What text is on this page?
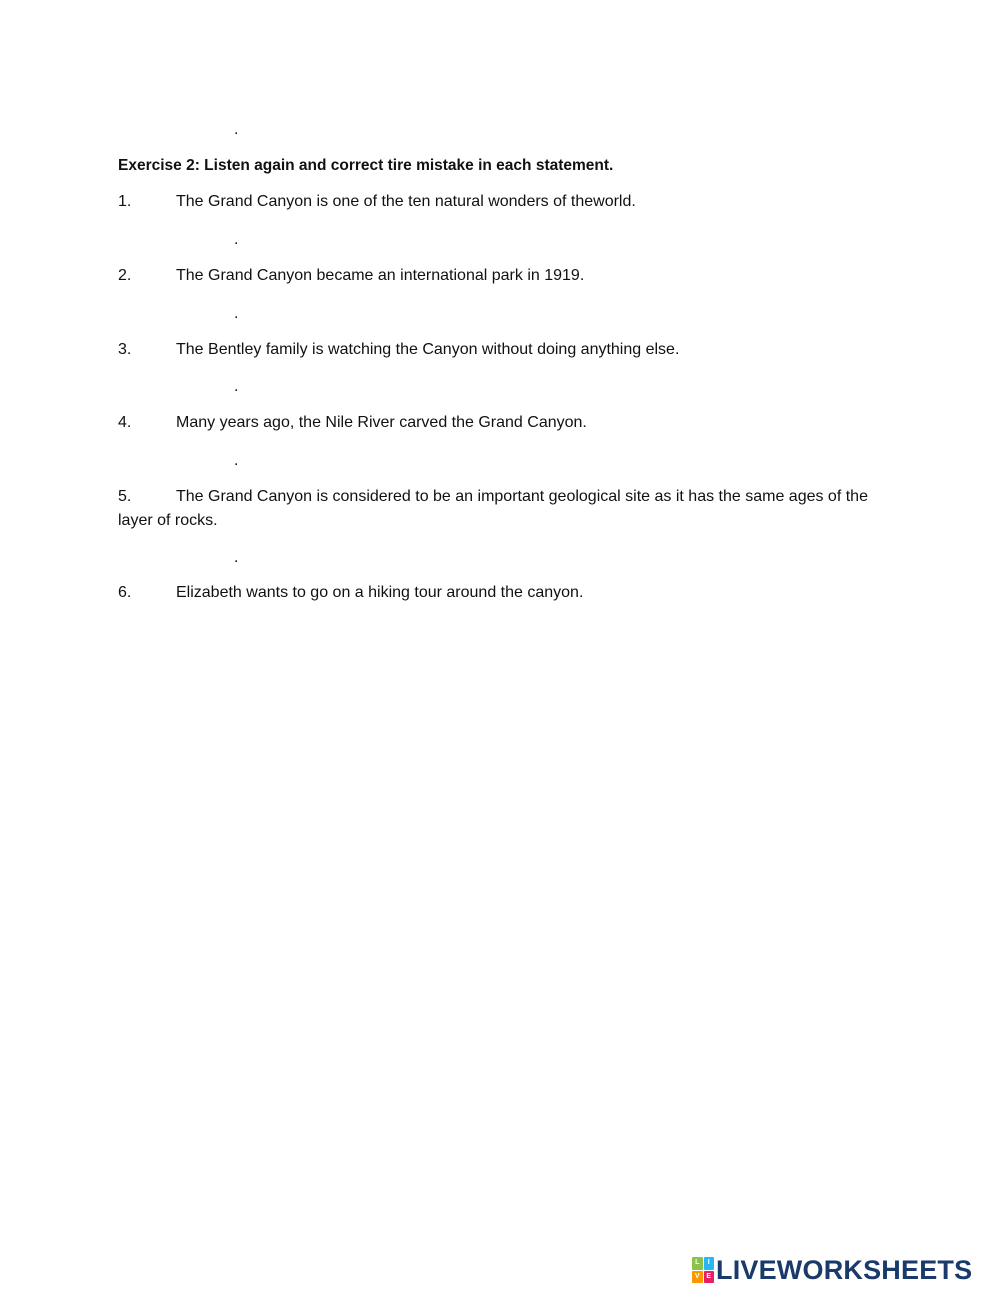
.
Exercise 2: Listen again and correct tire mistake in each statement.
1.	The Grand Canyon is one of the ten natural wonders of theworld.
.
2.	The Grand Canyon became an international park in 1919.
.
3.	The Bentley family is watching the Canyon without doing anything else.
.
4.	Many years ago, the Nile River carved the Grand Canyon.
.
5.	The Grand Canyon is considered to be an important geological site as it has the same ages of the layer of rocks.
.
6.	Elizabeth wants to go on a hiking tour around the canyon.
L	I
V E LIVEWORKSHEETS
